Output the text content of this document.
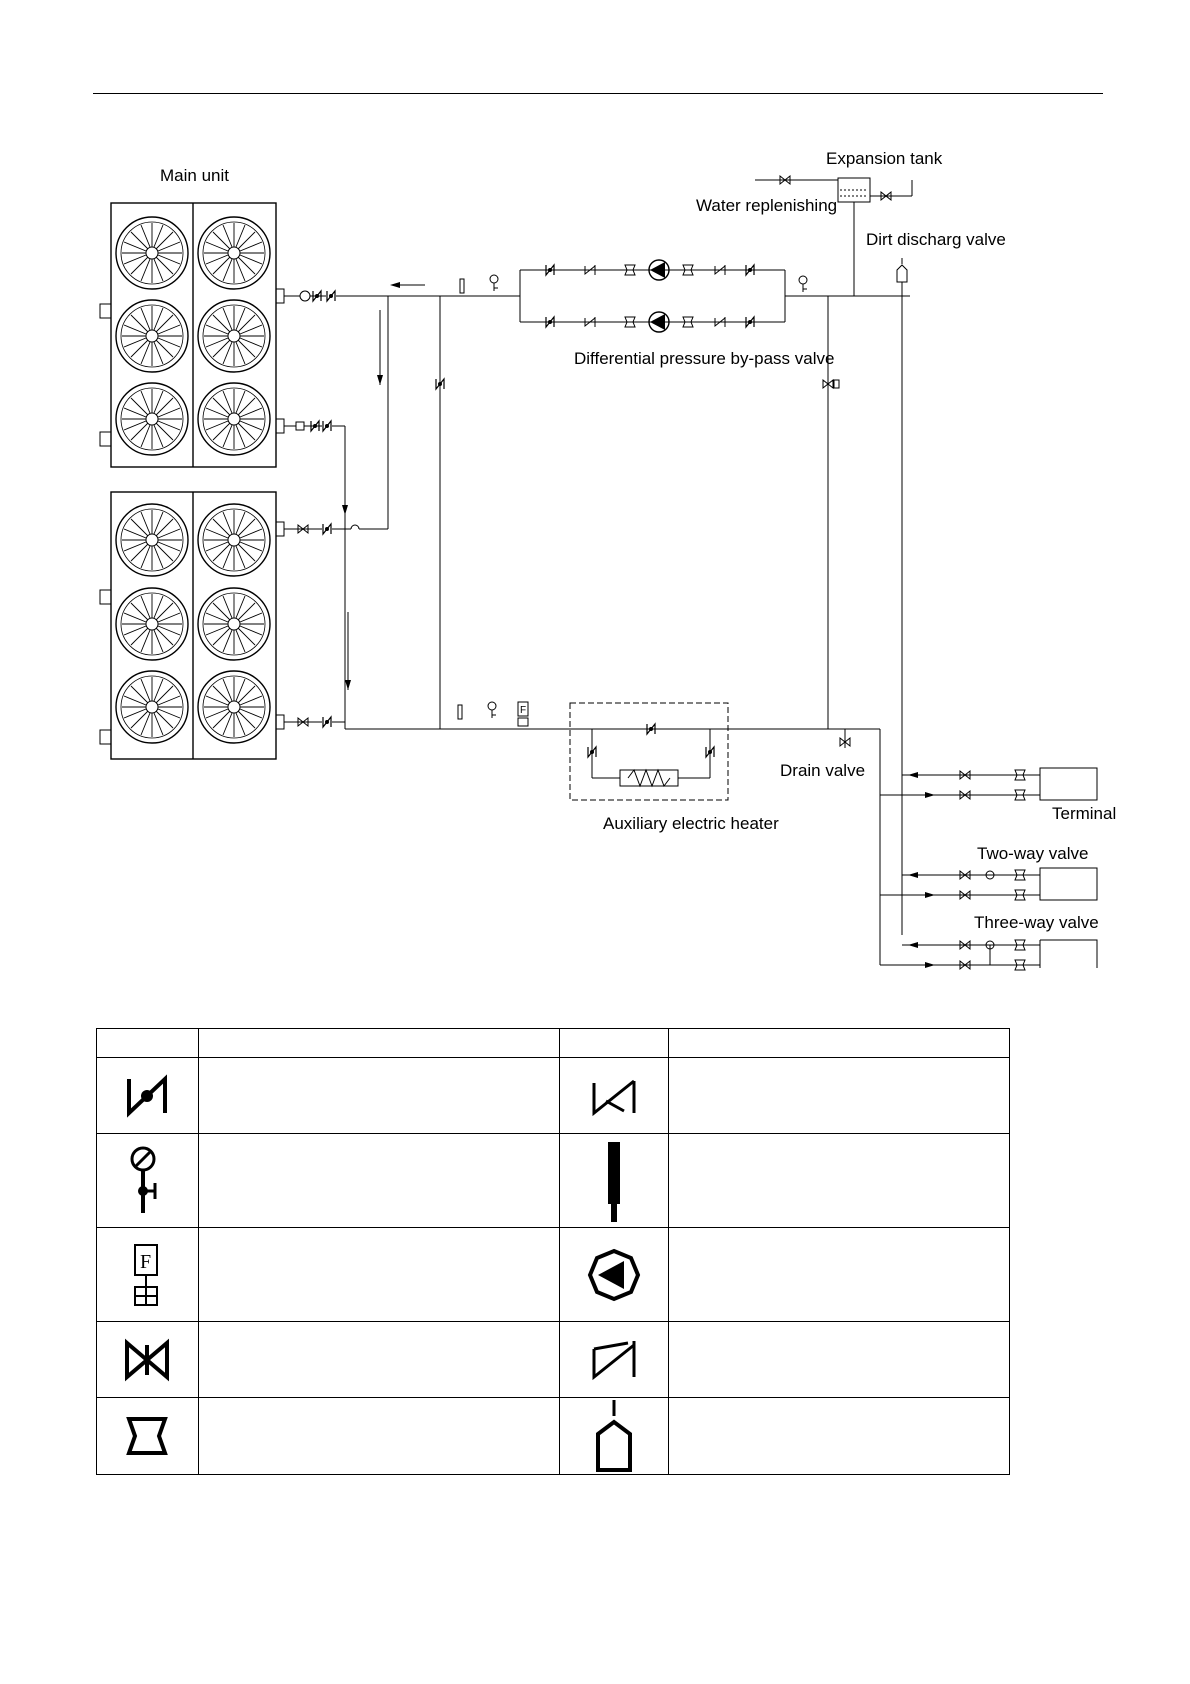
F
Main unit
Expansion tank
Water replenishing
Dirt discharg valve
Differential pressure by-pass valve
Drain valve
Auxiliary electric heater
Terminal
Two-way valve
Three-way valve

F
